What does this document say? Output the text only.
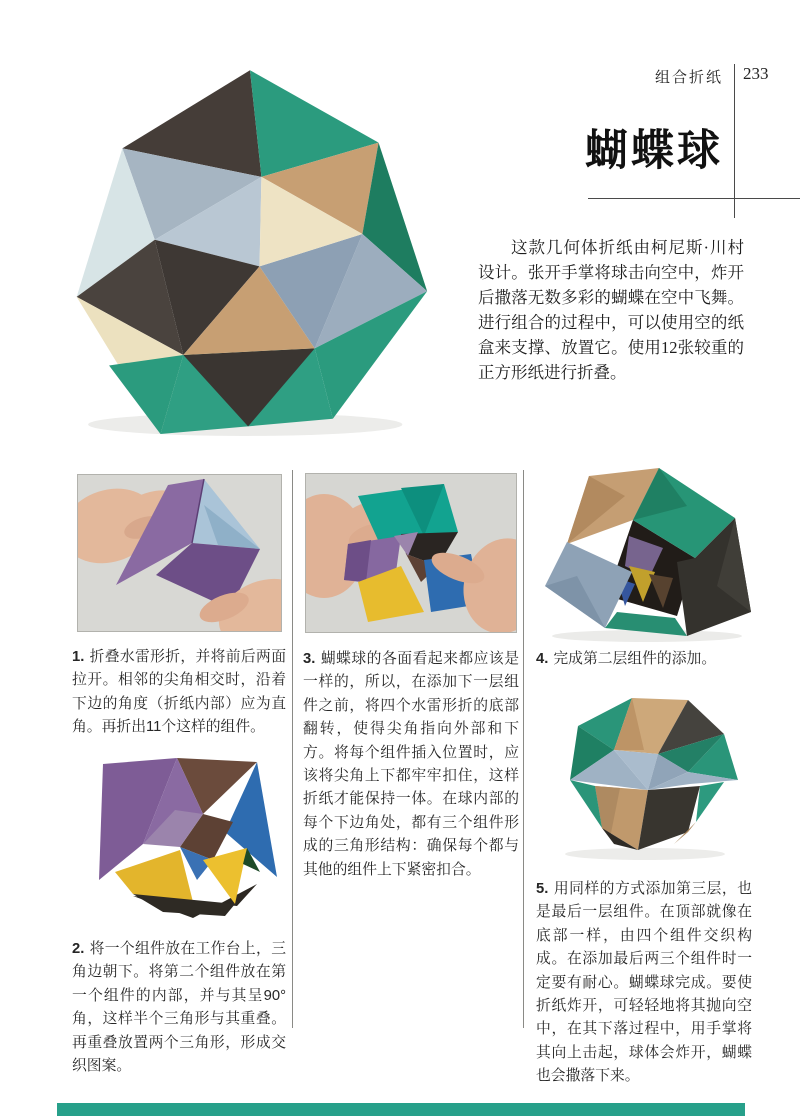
组合折纸 233
蝴蝶球
这款几何体折纸由柯尼斯·川村设计。张开手掌将球击向空中，炸开后撒落无数多彩的蝴蝶在空中飞舞。进行组合的过程中，可以使用空的纸盒来支撑、放置它。使用12张较重的正方形纸进行折叠。
1. 折叠水雷形折，并将前后两面拉开。相邻的尖角相交时，沿着下边的角度（折纸内部）应为直角。再折出11个这样的组件。
2. 将一个组件放在工作台上，三角边朝下。将第二个组件放在第一个组件的内部，并与其呈90°角，这样半个三角形与其重叠。再重叠放置两个三角形，形成交织图案。
3. 蝴蝶球的各面看起来都应该是一样的，所以，在添加下一层组件之前，将四个水雷形折的底部翻转，使得尖角指向外部和下方。将每个组件插入位置时，应该将尖角上下都牢牢扣住，这样折纸才能保持一体。在球内部的每个下边角处，都有三个组件形成的三角形结构：确保每个都与其他的组件上下紧密扣合。
4. 完成第二层组件的添加。
5. 用同样的方式添加第三层，也是最后一层组件。在顶部就像在底部一样，由四个组件交织构成。在添加最后两三个组件时一定要有耐心。蝴蝶球完成。要使折纸炸开，可轻轻地将其抛向空中，在其下落过程中，用手掌将其向上击起，球体会炸开，蝴蝶也会撒落下来。
